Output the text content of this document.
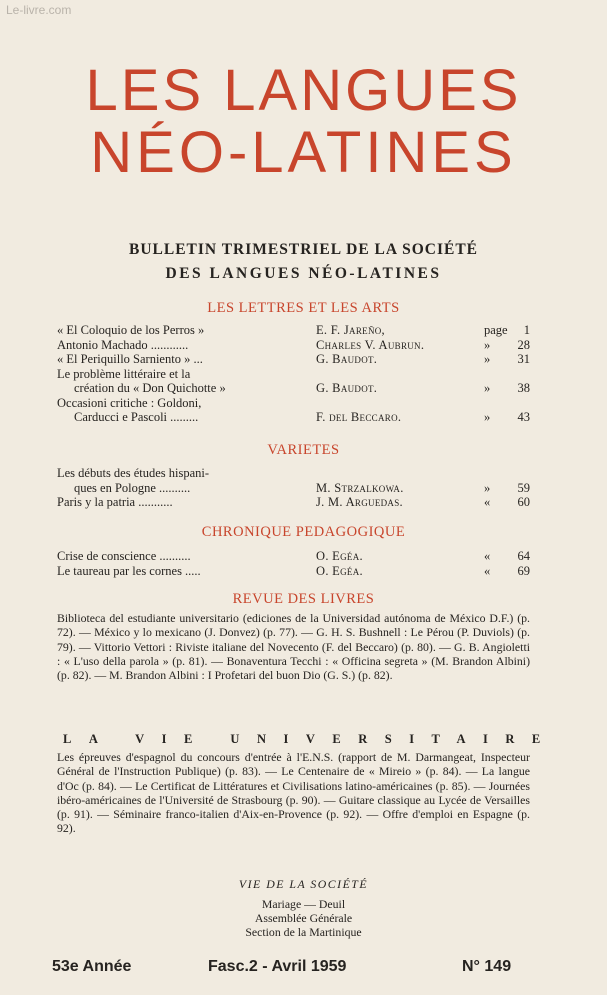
Le-livre.com
LES LANGUES
NÉO-LATINES
BULLETIN TRIMESTRIEL DE LA SOCIÉTÉ
DES LANGUES NÉO-LATINES
LES LETTRES ET LES ARTS
« El Coloquio de los Perros »	E. F. Jareño,	page 1
Antonio Machado ............	Charles V. Aubrun.	» 28
« El Periquillo Sarniento » ...	G. Baudot.	» 31
Le problème littéraire et la
création du « Don Quichotte »	G. Baudot.	» 38
Occasioni critiche : Goldoni,
Carducci e Pascoli .........	F. del Beccaro.	» 43
VARIETES
Les débuts des études hispani-
ques en Pologne ..........	M. Strzalkowa.	» 59
Paris y la patria ...........	J. M. Arguedas.	« 60
CHRONIQUE PEDAGOGIQUE
Crise de conscience ..........	O. Egéa.	« 64
Le taureau par les cornes .....	O. Egéa.	« 69
REVUE DES LIVRES
Biblioteca del estudiante universitario (ediciones de la Universidad autónoma de México D.F.) (p. 72). — México y lo mexicano (J. Donvez) (p. 77). — G. H. S. Bushnell : Le Pérou (P. Duviols) (p. 79). — Vittorio Vettori : Riviste italiane del Novecento (F. del Beccaro) (p. 80). — G. B. Angioletti : « L'uso della parola » (p. 81). — Bonaventura Tecchi : « Officina segreta » (M. Brandon Albini) (p. 82). — M. Brandon Albini : I Profetari del buon Dio (G. S.) (p. 82).
LA VIE UNIVERSITAIRE
Les épreuves d'espagnol du concours d'entrée à l'E.N.S. (rapport de M. Darmangeat, Inspecteur Général de l'Instruction Publique) (p. 83). — Le Centenaire de « Mireio » (p. 84). — La langue d'Oc (p. 84). — Le Certificat de Littératures et Civilisations latino-américaines (p. 85). — Journées ibéro-américaines de l'Université de Strasbourg (p. 90). — Guitare classique au Lycée de Versailles (p. 91). — Séminaire franco-italien d'Aix-en-Provence (p. 92). — Offre d'emploi en Espagne (p. 92).
VIE DE LA SOCIÉTÉ
Mariage — Deuil
Assemblée Générale
Section de la Martinique
53e Année	Fasc.2 - Avril 1959	N° 149
